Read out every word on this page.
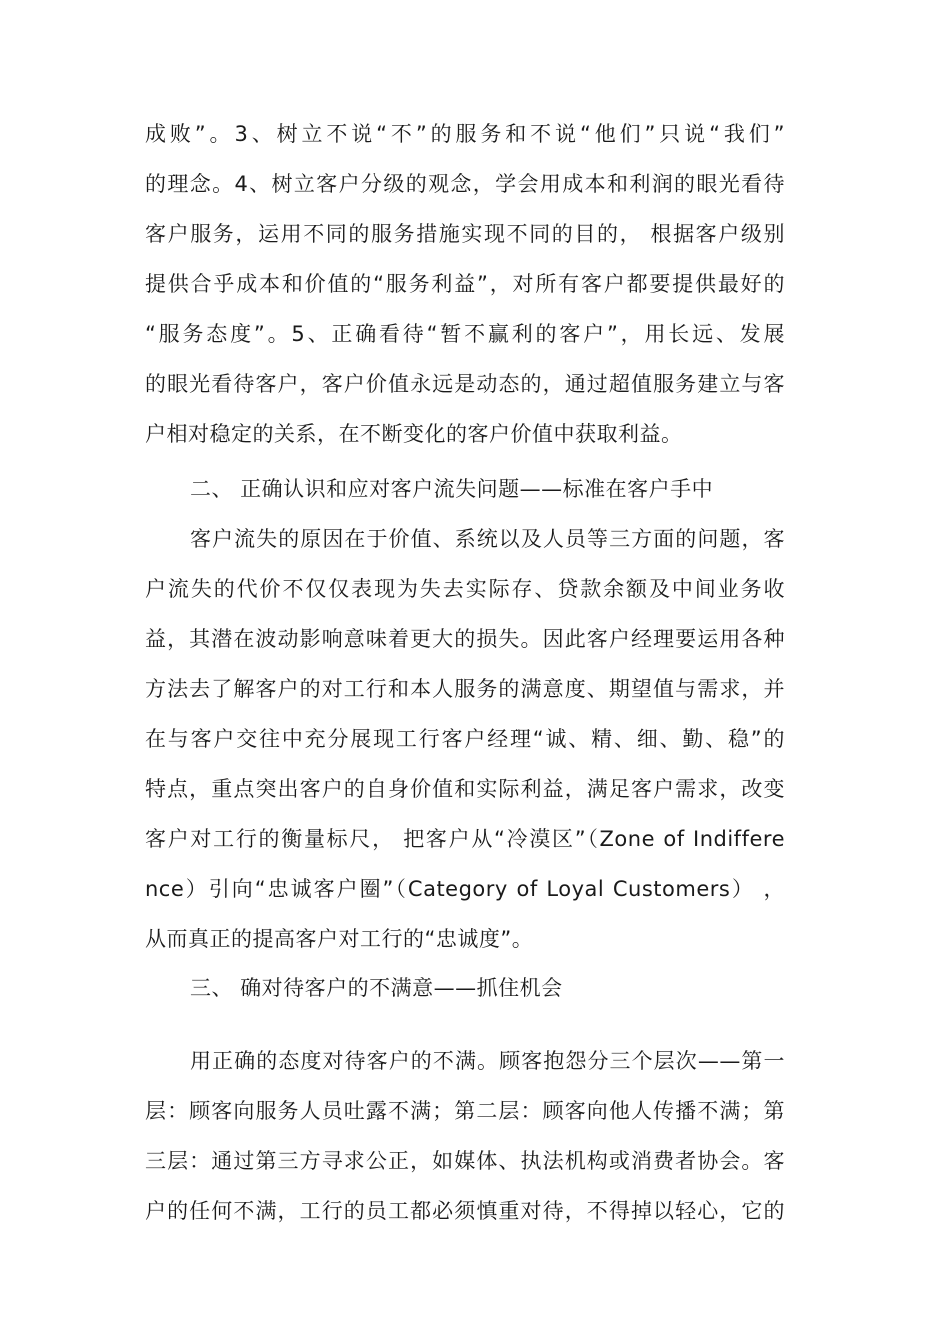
成败”。3、树立不说“不”的服务和不说“他们”只说“我们”
的理念。4、树立客户分级的观念，学会用成本和利润的眼光看待
客户服务，运用不同的服务措施实现不同的目的， 根据客户级别
提供合乎成本和价值的“服务利益”，对所有客户都要提供最好的
“服务态度”。5、正确看待“暂不赢利的客户”，用长远、发展
的眼光看待客户，客户价值永远是动态的，通过超值服务建立与客
户相对稳定的关系，在不断变化的客户价值中获取利益。
二、 正确认识和应对客户流失问题——标准在客户手中
客户流失的原因在于价值、系统以及人员等三方面的问题，客
户流失的代价不仅仅表现为失去实际存、贷款余额及中间业务收
益，其潜在波动影响意味着更大的损失。因此客户经理要运用各种
方法去了解客户的对工行和本人服务的满意度、期望值与需求，并
在与客户交往中充分展现工行客户经理“诚、精、细、勤、稳”的
特点，重点突出客户的自身价值和实际利益，满足客户需求，改变
客户对工行的衡量标尺， 把客户从“冷漠区”（Zone of Indiffere
nce）引向“忠诚客户圈”（Category of Loyal Customers） ，
从而真正的提高客户对工行的“忠诚度”。
三、 确对待客户的不满意——抓住机会
用正确的态度对待客户的不满。顾客抱怨分三个层次——第一
层：顾客向服务人员吐露不满；第二层：顾客向他人传播不满；第
三层：通过第三方寻求公正，如媒体、执法机构或消费者协会。客
户的任何不满，工行的员工都必须慎重对待，不得掉以轻心，它的
